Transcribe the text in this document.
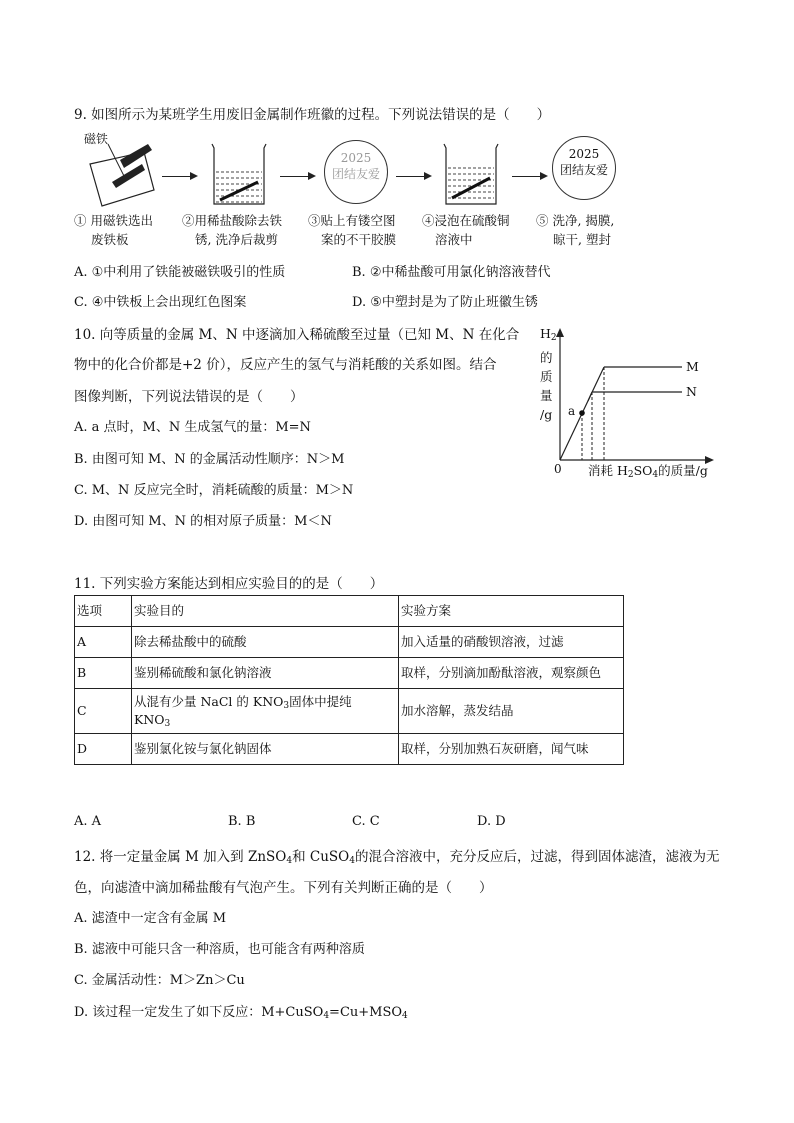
9. 如图所示为某班学生用废旧金属制作班徽的过程。下列说法错误的是（　　）
磁铁
2025
团结友爱
2025
团结友爱
① 用磁铁选出
废铁板
②用稀盐酸除去铁
锈, 洗净后裁剪
③贴上有镂空图
案的不干胶膜
④浸泡在硫酸铜
溶液中
⑤ 洗净, 揭膜,
晾干, 塑封
A. ①中利用了铁能被磁铁吸引的性质	B. ②中稀盐酸可用氯化钠溶液替代
C. ④中铁板上会出现红色图案	D. ⑤中塑封是为了防止班徽生锈
10. 向等质量的金属 M、N 中逐滴加入稀硫酸至过量（已知 M、N 在化合
物中的化合价都是+2 价），反应产生的氢气与消耗酸的关系如图。结合
图像判断，下列说法错误的是（　　）
A. a 点时，M、N 生成氢气的量：M=N
B. 由图可知 M、N 的金属活动性顺序：N＞M
C. M、N 反应完全时，消耗硫酸的质量：M＞N
D. 由图可知 M、N 的相对原子质量：M＜N
$H_2$
的
质
量
/g a
M
N
0 消耗 $H_2SO_4$的质量/g
11. 下列实验方案能达到相应实验目的的是（　　）
选项	实验目的	实验方案
A	除去稀盐酸中的硫酸	加入适量的硝酸钡溶液，过滤
B	鉴别稀硫酸和氯化钠溶液	取样，分别滴加酚酞溶液，观察颜色
C	从混有少量 NaCl 的 $KNO_3$固体中提纯
$KNO_3$	加水溶解，蒸发结晶
D	鉴别氯化铵与氯化钠固体	取样，分别加熟石灰研磨，闻气味
A. A	B. B	C. C	D. D
12. 将一定量金属 M 加入到 ZnSO$_4$和 CuSO$_4$的混合溶液中，充分反应后，过滤，得到固体滤渣，滤液为无
色，向滤渣中滴加稀盐酸有气泡产生。下列有关判断正确的是（　　）
A. 滤渣中一定含有金属 M
B. 滤液中可能只含一种溶质，也可能含有两种溶质
C. 金属活动性：M＞Zn＞Cu
D. 该过程一定发生了如下反应：$M+CuSO_4=Cu+MSO_4$
